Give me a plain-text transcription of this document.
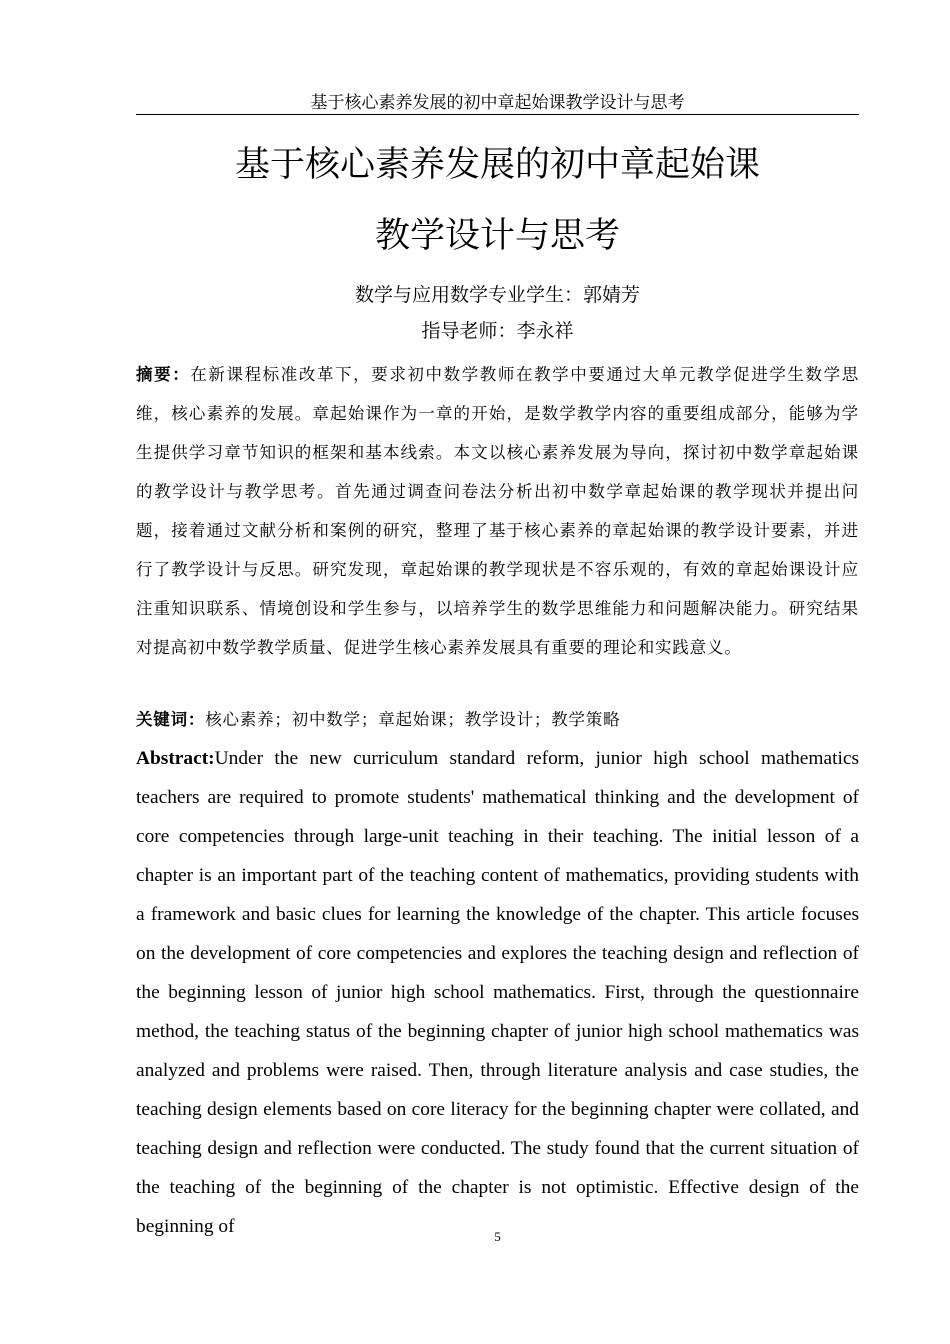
基于核心素养发展的初中章起始课教学设计与思考
基于核心素养发展的初中章起始课
教学设计与思考
数学与应用数学专业学生：郭婧芳
指导老师：李永祥
摘要：在新课程标准改革下，要求初中数学教师在教学中要通过大单元教学促进学生数学思维，核心素养的发展。章起始课作为一章的开始，是数学教学内容的重要组成部分，能够为学生提供学习章节知识的框架和基本线索。本文以核心素养发展为导向，探讨初中数学章起始课的教学设计与教学思考。首先通过调查问卷法分析出初中数学章起始课的教学现状并提出问题，接着通过文献分析和案例的研究，整理了基于核心素养的章起始课的教学设计要素，并进行了教学设计与反思。研究发现，章起始课的教学现状是不容乐观的，有效的章起始课设计应注重知识联系、情境创设和学生参与，以培养学生的数学思维能力和问题解决能力。研究结果对提高初中数学教学质量、促进学生核心素养发展具有重要的理论和实践意义。
关键词：核心素养；初中数学；章起始课；教学设计；教学策略
Abstract:Under the new curriculum standard reform, junior high school mathematics teachers are required to promote students' mathematical thinking and the development of core competencies through large-unit teaching in their teaching. The initial lesson of a chapter is an important part of the teaching content of mathematics, providing students with a framework and basic clues for learning the knowledge of the chapter. This article focuses on the development of core competencies and explores the teaching design and reflection of the beginning lesson of junior high school mathematics. First, through the questionnaire method, the teaching status of the beginning chapter of junior high school mathematics was analyzed and problems were raised. Then, through literature analysis and case studies, the teaching design elements based on core literacy for the beginning chapter were collated, and teaching design and reflection were conducted. The study found that the current situation of the teaching of the beginning of the chapter is not optimistic. Effective design of the beginning of	5
